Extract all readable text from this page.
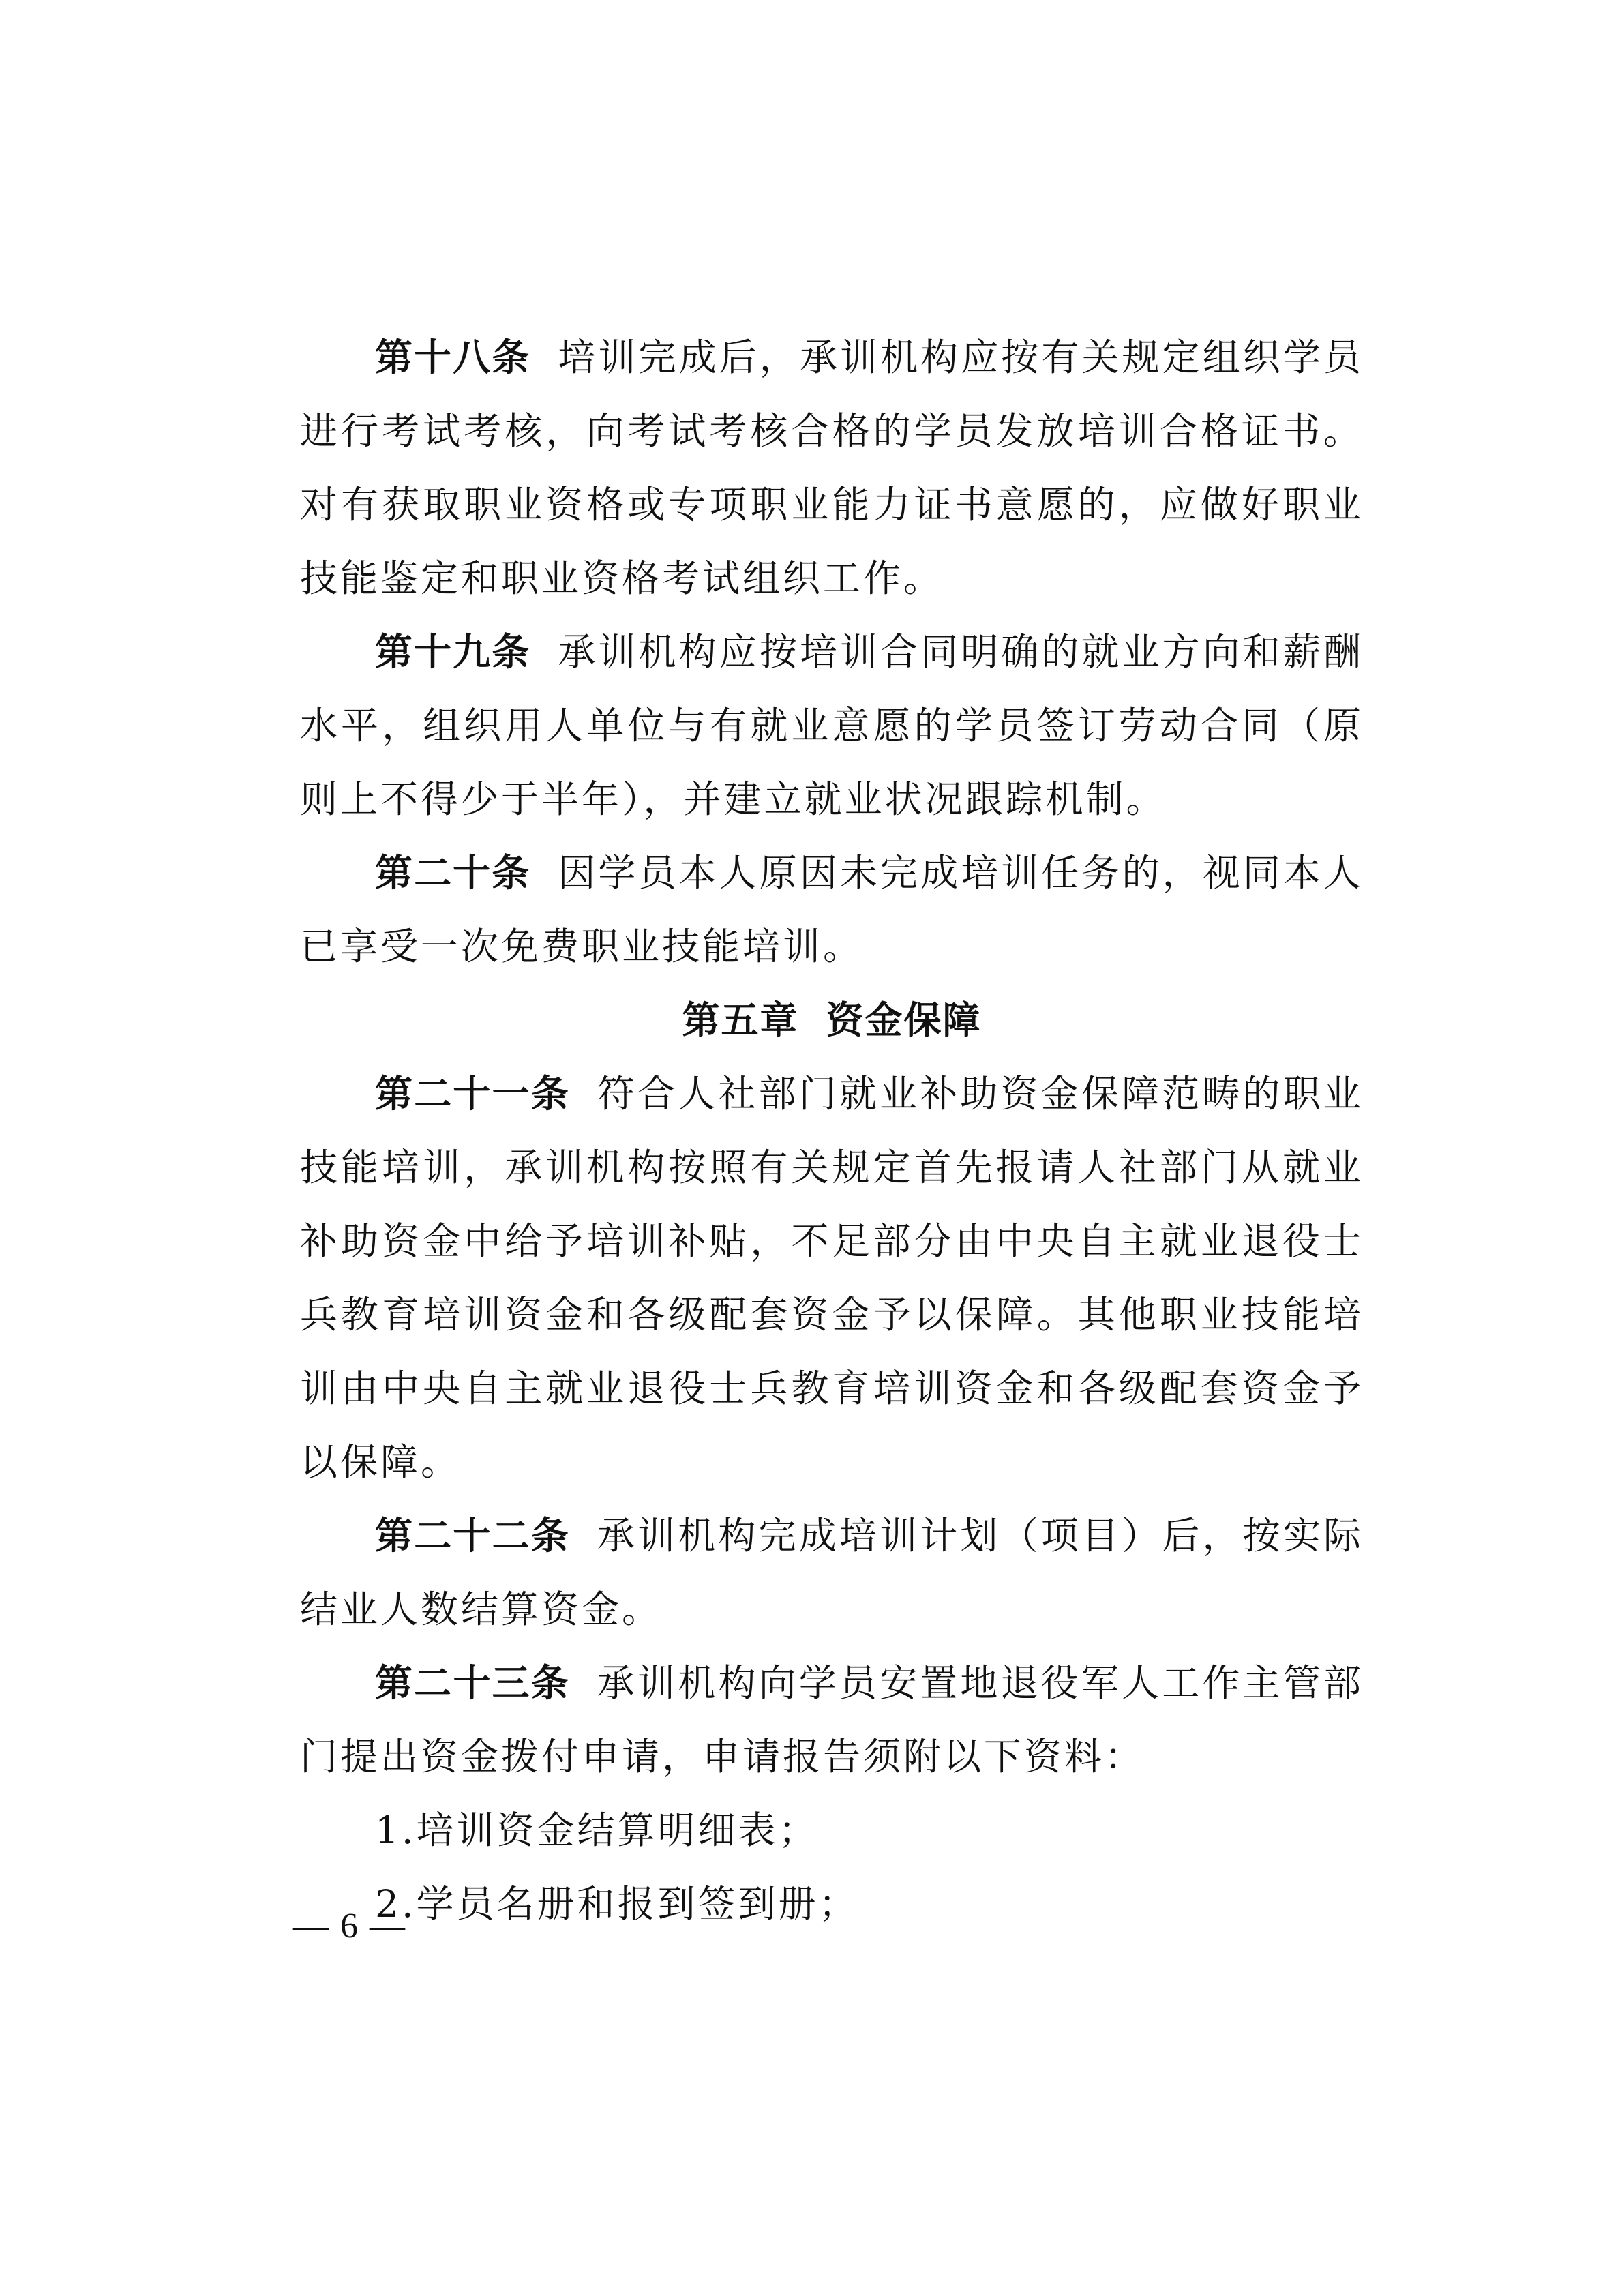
第十八条 培训完成后，承训机构应按有关规定组织学员进行考试考核，向考试考核合格的学员发放培训合格证书。对有获取职业资格或专项职业能力证书意愿的，应做好职业技能鉴定和职业资格考试组织工作。

第十九条 承训机构应按培训合同明确的就业方向和薪酬水平，组织用人单位与有就业意愿的学员签订劳动合同（原则上不得少于半年），并建立就业状况跟踪机制。

第二十条 因学员本人原因未完成培训任务的，视同本人已享受一次免费职业技能培训。

第五章 资金保障

第二十一条 符合人社部门就业补助资金保障范畴的职业技能培训，承训机构按照有关规定首先报请人社部门从就业补助资金中给予培训补贴，不足部分由中央自主就业退役士兵教育培训资金和各级配套资金予以保障。其他职业技能培训由中央自主就业退役士兵教育培训资金和各级配套资金予以保障。

第二十二条 承训机构完成培训计划（项目）后，按实际结业人数结算资金。

第二十三条 承训机构向学员安置地退役军人工作主管部门提出资金拨付申请，申请报告须附以下资料：

1.培训资金结算明细表；

2.学员名册和报到签到册；

— 6 —
